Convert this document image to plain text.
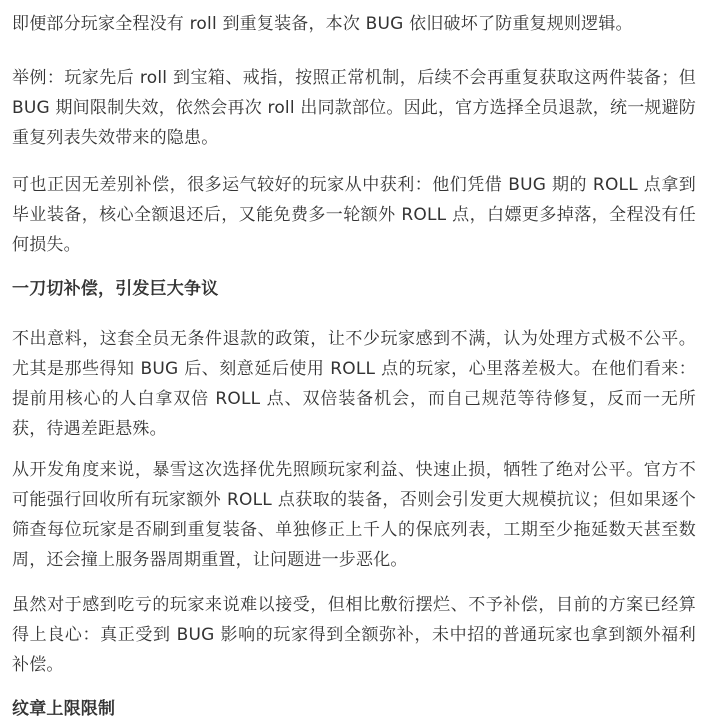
即便部分玩家全程没有 roll 到重复装备，本次 BUG 依旧破坏了防重复规则逻辑。

举例：玩家先后 roll 到宝箱、戒指，按照正常机制，后续不会再重复获取这两件装备；但 BUG 期间限制失效，依然会再次 roll 出同款部位。因此，官方选择全员退款，统一规避防重复列表失效带来的隐患。

可也正因无差别补偿，很多运气较好的玩家从中获利：他们凭借 BUG 期的 ROLL 点拿到毕业装备，核心全额退还后，又能免费多一轮额外 ROLL 点，白嫖更多掉落，全程没有任何损失。

一刀切补偿，引发巨大争议

不出意料，这套全员无条件退款的政策，让不少玩家感到不满，认为处理方式极不公平。尤其是那些得知 BUG 后、刻意延后使用 ROLL 点的玩家，心里落差极大。在他们看来：提前用核心的人白拿双倍 ROLL 点、双倍装备机会，而自己规范等待修复，反而一无所获，待遇差距悬殊。

从开发角度来说，暴雪这次选择优先照顾玩家利益、快速止损，牺牲了绝对公平。官方不可能强行回收所有玩家额外 ROLL 点获取的装备，否则会引发更大规模抗议；但如果逐个筛查每位玩家是否刷到重复装备、单独修正上千人的保底列表，工期至少拖延数天甚至数周，还会撞上服务器周期重置，让问题进一步恶化。

虽然对于感到吃亏的玩家来说难以接受，但相比敷衍摆烂、不予补偿，目前的方案已经算得上良心：真正受到 BUG 影响的玩家得到全额弥补，未中招的普通玩家也拿到额外福利补偿。

纹章上限限制
